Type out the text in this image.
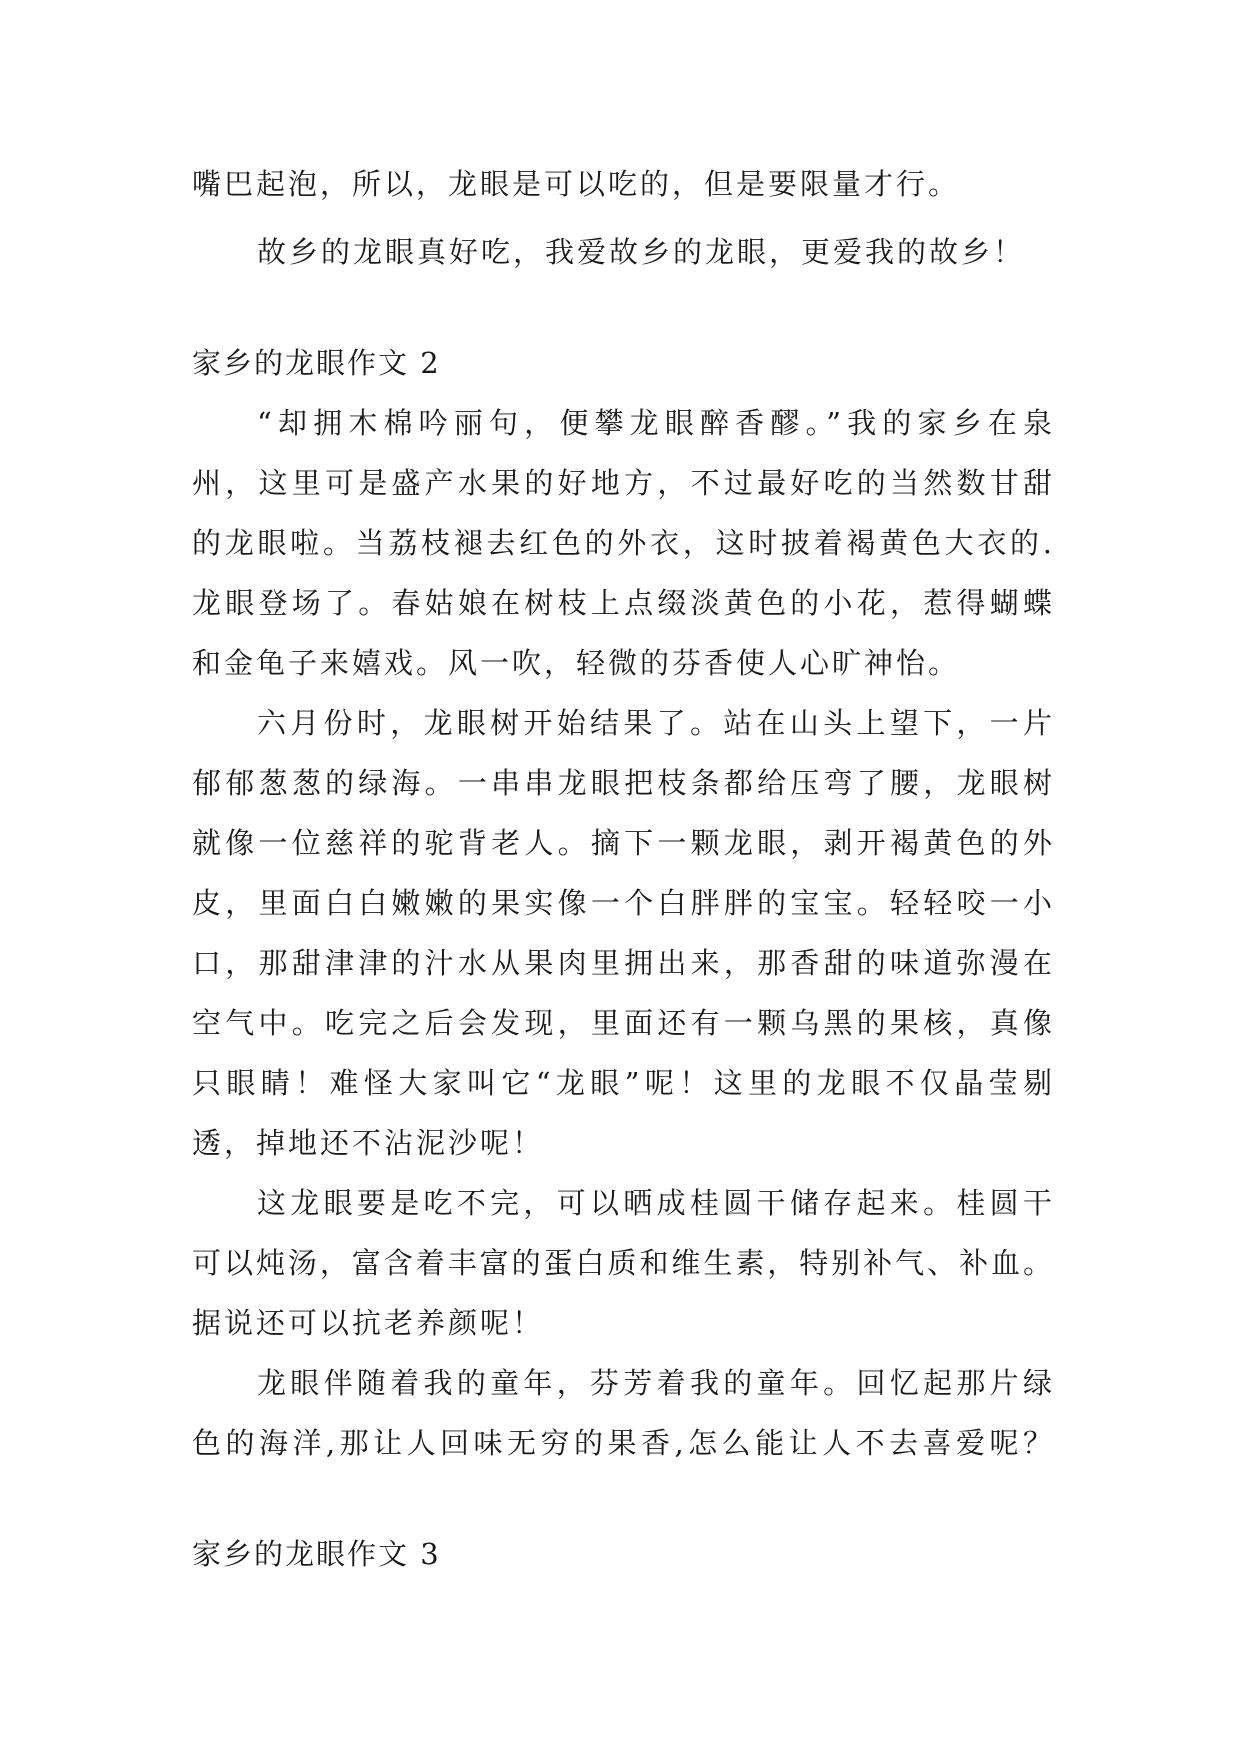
嘴巴起泡，所以，龙眼是可以吃的，但是要限量才行。
故乡的龙眼真好吃，我爱故乡的龙眼，更爱我的故乡！
家乡的龙眼作文 2
“却拥木棉吟丽句，便攀龙眼醉香醪。”我的家乡在泉
州，这里可是盛产水果的好地方，不过最好吃的当然数甘甜
的龙眼啦。当荔枝褪去红色的外衣，这时披着褐黄色大衣的.
龙眼登场了。春姑娘在树枝上点缀淡黄色的小花，惹得蝴蝶
和金龟子来嬉戏。风一吹，轻微的芬香使人心旷神怡。
六月份时，龙眼树开始结果了。站在山头上望下，一片
郁郁葱葱的绿海。一串串龙眼把枝条都给压弯了腰，龙眼树
就像一位慈祥的驼背老人。摘下一颗龙眼，剥开褐黄色的外
皮，里面白白嫩嫩的果实像一个白胖胖的宝宝。轻轻咬一小
口，那甜津津的汁水从果肉里拥出来，那香甜的味道弥漫在
空气中。吃完之后会发现，里面还有一颗乌黑的果核，真像
只眼睛！难怪大家叫它“龙眼”呢！这里的龙眼不仅晶莹剔
透，掉地还不沾泥沙呢！
这龙眼要是吃不完，可以晒成桂圆干储存起来。桂圆干
可以炖汤，富含着丰富的蛋白质和维生素，特别补气、补血。
据说还可以抗老养颜呢！
龙眼伴随着我的童年，芬芳着我的童年。回忆起那片绿
色的海洋,那让人回味无穷的果香,怎么能让人不去喜爱呢？
家乡的龙眼作文 3
